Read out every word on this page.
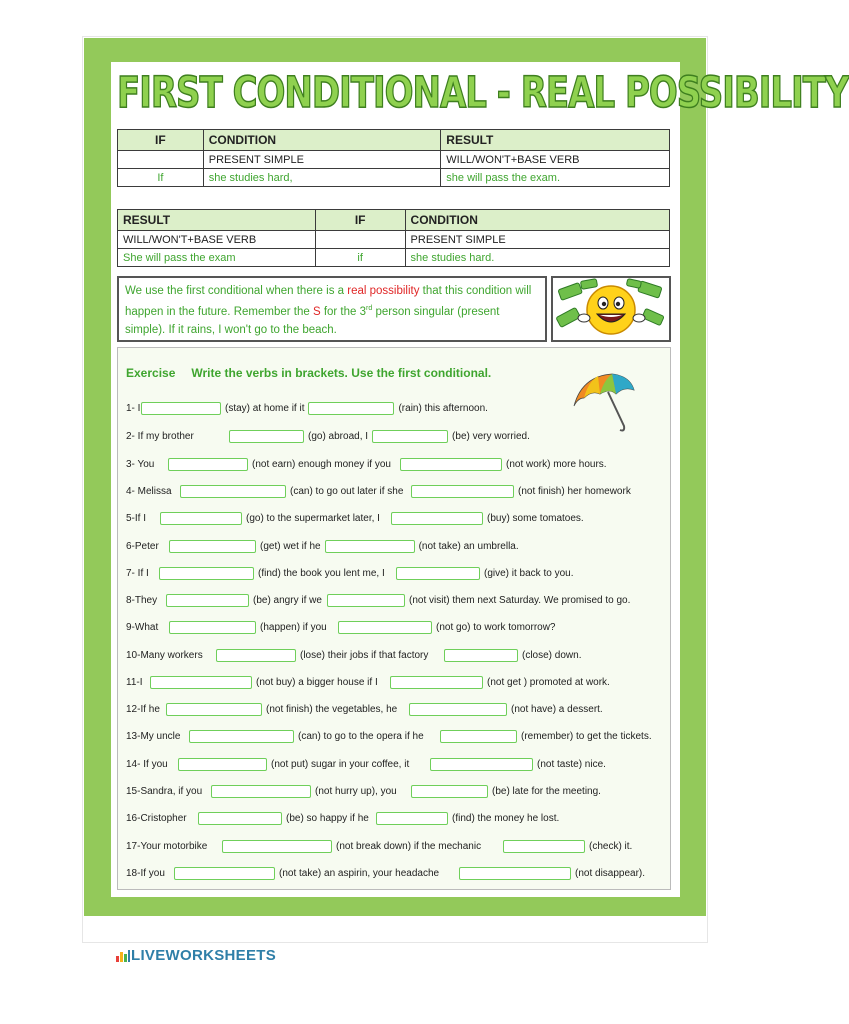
FIRST CONDITIONAL - REAL POSSIBILITY
IF	CONDITION	RESULT
	PRESENT SIMPLE	WILL/WON'T+BASE VERB
If	she studies hard,	she will pass the exam.
RESULT	IF	CONDITION
WILL/WON'T+BASE VERB		PRESENT SIMPLE
She will pass the exam	if	she studies hard.
We use the first conditional when there is a real possibility that this condition will happen in the future. Remember the S for the 3rd person singular (present simple). If it rains, I won't go to the beach.
Exercise Write the verbs in brackets. Use the first conditional.
1- I	(stay) at home if it	(rain) this afternoon.
2- If my brother	(go) abroad, I	(be) very worried.
3- You	(not earn) enough money if you	(not work) more hours.
4- Melissa	(can) to go out later if she	(not finish) her homework
5-If I	(go) to the supermarket later, I	(buy) some tomatoes.
6-Peter	(get) wet if he	(not take) an umbrella.
7- If I	(find) the book you lent me, I	(give) it back to you.
8-They	(be) angry if we	(not visit) them next Saturday. We promised to go.
9-What	(happen) if you	(not go) to work tomorrow?
10-Many workers	(lose) their jobs if that factory	(close) down.
11-I	(not buy) a bigger house if I	(not get ) promoted at work.
12-If he	(not finish) the vegetables, he	(not have) a dessert.
13-My uncle	(can) to go to the opera if he	(remember) to get the tickets.
14- If you	(not put) sugar in your coffee, it	(not taste) nice.
15-Sandra, if you	(not hurry up), you	(be) late for the meeting.
16-Cristopher	(be) so happy if he	(find) the money he lost.
17-Your motorbike	(not break down) if the mechanic	(check) it.
18-If you	(not take) an aspirin, your headache	(not disappear).
LIVEWORKSHEETS
